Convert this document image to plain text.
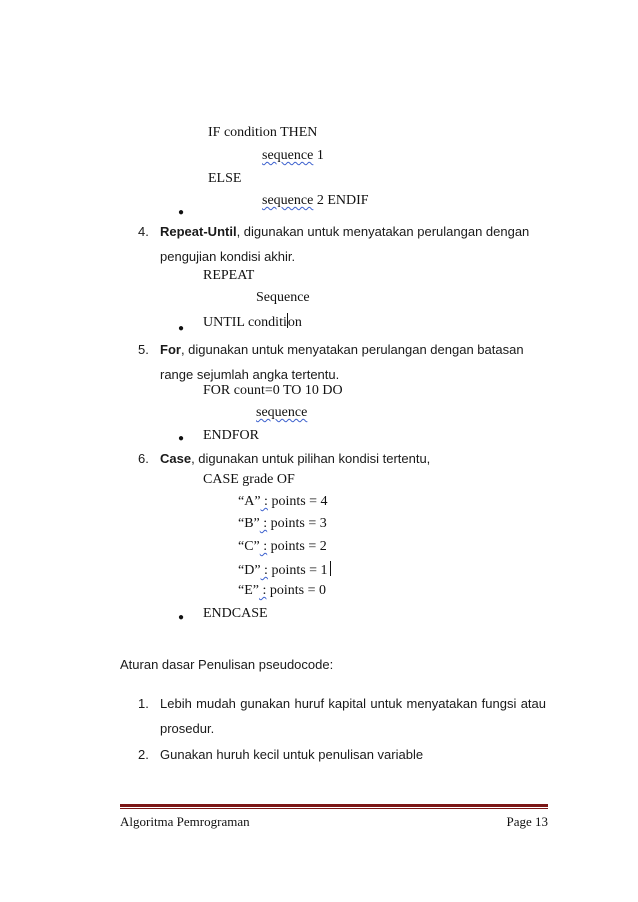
IF condition THEN
sequence 1
ELSE
sequence 2 ENDIF
●
4. Repeat-Until, digunakan untuk menyatakan perulangan dengan
pengujian kondisi akhir.
REPEAT
Sequence
UNTIL condition
●
5. For, digunakan untuk menyatakan perulangan dengan batasan
range sejumlah angka tertentu.
FOR count=0 TO 10 DO
sequence
ENDFOR
●
6. Case, digunakan untuk pilihan kondisi tertentu,
CASE grade OF
“A” : points = 4
“B” : points = 3
“C” : points = 2
“D” : points = 1
“E” : points = 0
ENDCASE
●
Aturan dasar Penulisan pseudocode:
1. Lebih mudah gunakan huruf kapital untuk menyatakan fungsi atau prosedur.
2. Gunakan huruh kecil untuk penulisan variable
Algoritma Pemrograman	Page 13
